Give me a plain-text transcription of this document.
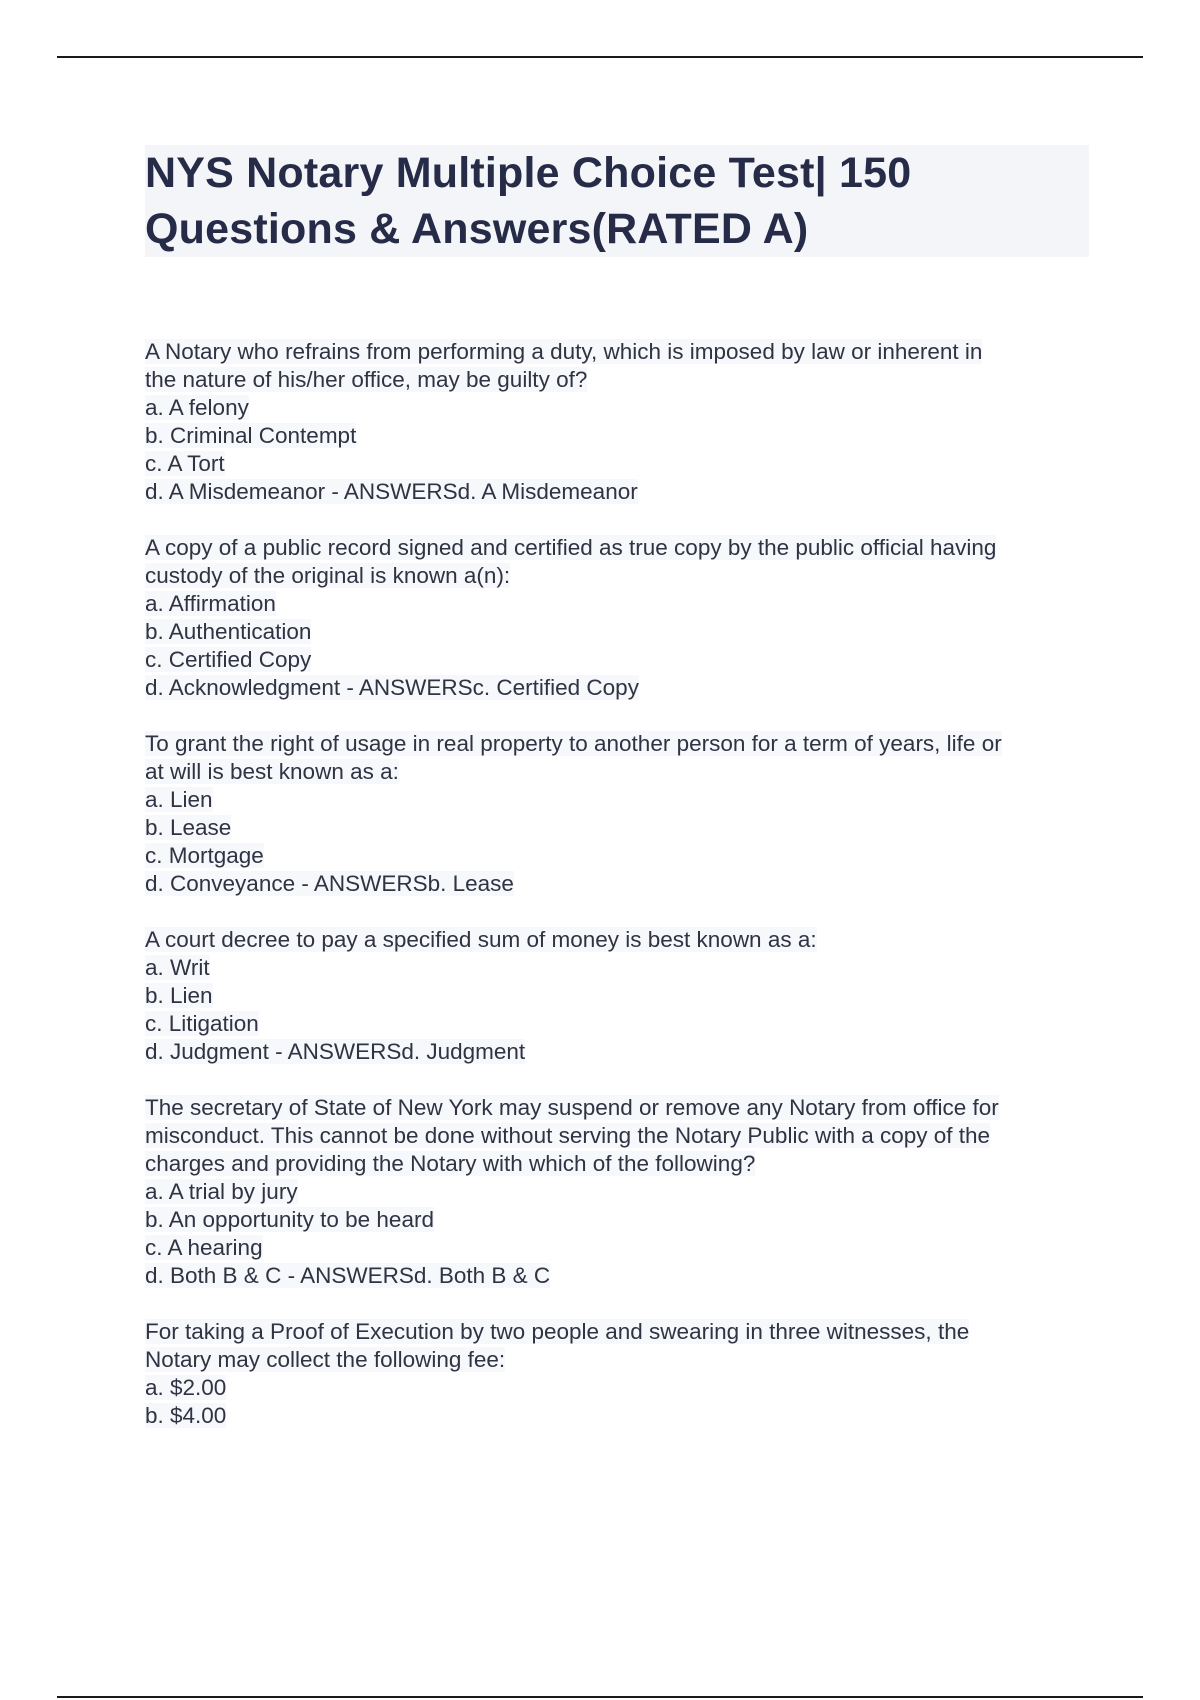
NYS Notary Multiple Choice Test| 150 Questions & Answers(RATED A)
A Notary who refrains from performing a duty, which is imposed by law or inherent in
the nature of his/her office, may be guilty of?
a. A felony
b. Criminal Contempt
c. A Tort
d. A Misdemeanor - ANSWERSd. A Misdemeanor
A copy of a public record signed and certified as true copy by the public official having
custody of the original is known a(n):
a. Affirmation
b. Authentication
c. Certified Copy
d. Acknowledgment - ANSWERSc. Certified Copy
To grant the right of usage in real property to another person for a term of years, life or
at will is best known as a:
a. Lien
b. Lease
c. Mortgage
d. Conveyance - ANSWERSb. Lease
A court decree to pay a specified sum of money is best known as a:
a. Writ
b. Lien
c. Litigation
d. Judgment - ANSWERSd. Judgment
The secretary of State of New York may suspend or remove any Notary from office for
misconduct. This cannot be done without serving the Notary Public with a copy of the
charges and providing the Notary with which of the following?
a. A trial by jury
b. An opportunity to be heard
c. A hearing
d. Both B & C - ANSWERSd. Both B & C
For taking a Proof of Execution by two people and swearing in three witnesses, the
Notary may collect the following fee:
a. $2.00
b. $4.00
